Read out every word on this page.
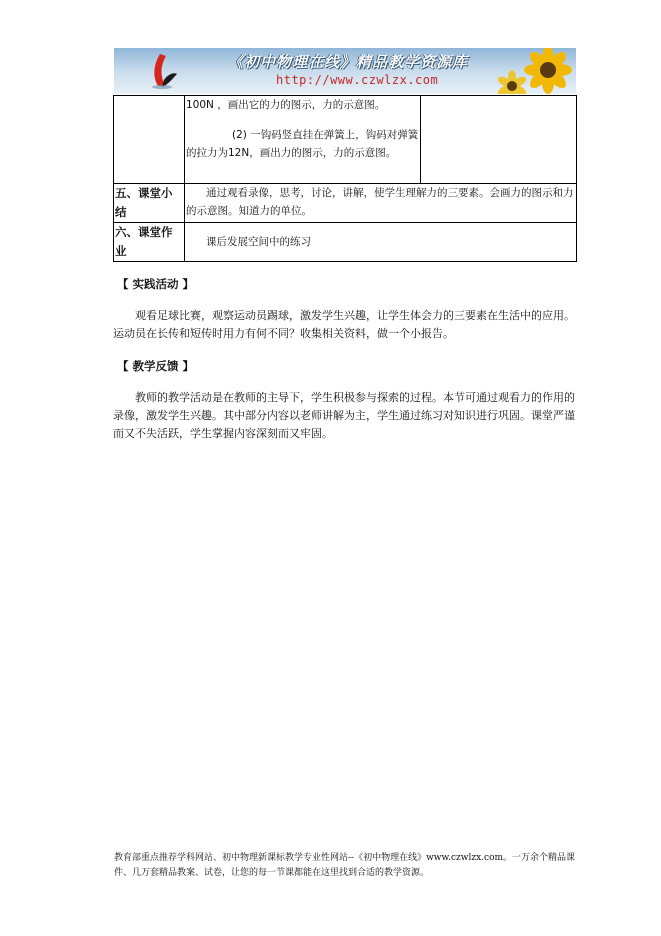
《初中物理在线》精品教学资源库
http://www.czwlzx.com

	100N ，画出它的力的图示，力的示意图。
(2) 一钩码竖直挂在弹簧上，钩码对弹簧的拉力为12N，画出力的图示，力的示意图。	

五、课堂小结	通过观看录像，思考，讨论，讲解，使学生理解力的三要素。会画力的图示和力的示意图。知道力的单位。	

六、课堂作业	课后发展空间中的练习	
【 实践活动 】
观看足球比赛，观察运动员踢球，激发学生兴趣，让学生体会力的三要素在生活中的应用。运动员在长传和短传时用力有何不同？收集相关资料，做一个小报告。
【 教学反馈 】
教师的教学活动是在教师的主导下，学生积极参与探索的过程。本节可通过观看力的作用的录像，激发学生兴趣。其中部分内容以老师讲解为主，学生通过练习对知识进行巩固。课堂严谨而又不失活跃，学生掌握内容深刻而又牢固。
教育部重点推荐学科网站、初中物理新课标教学专业性网站--《初中物理在线》www.czwlzx.com。一万余个精品课件、几万套精品教案、试卷，让您的每一节课都能在这里找到合适的教学资源。
